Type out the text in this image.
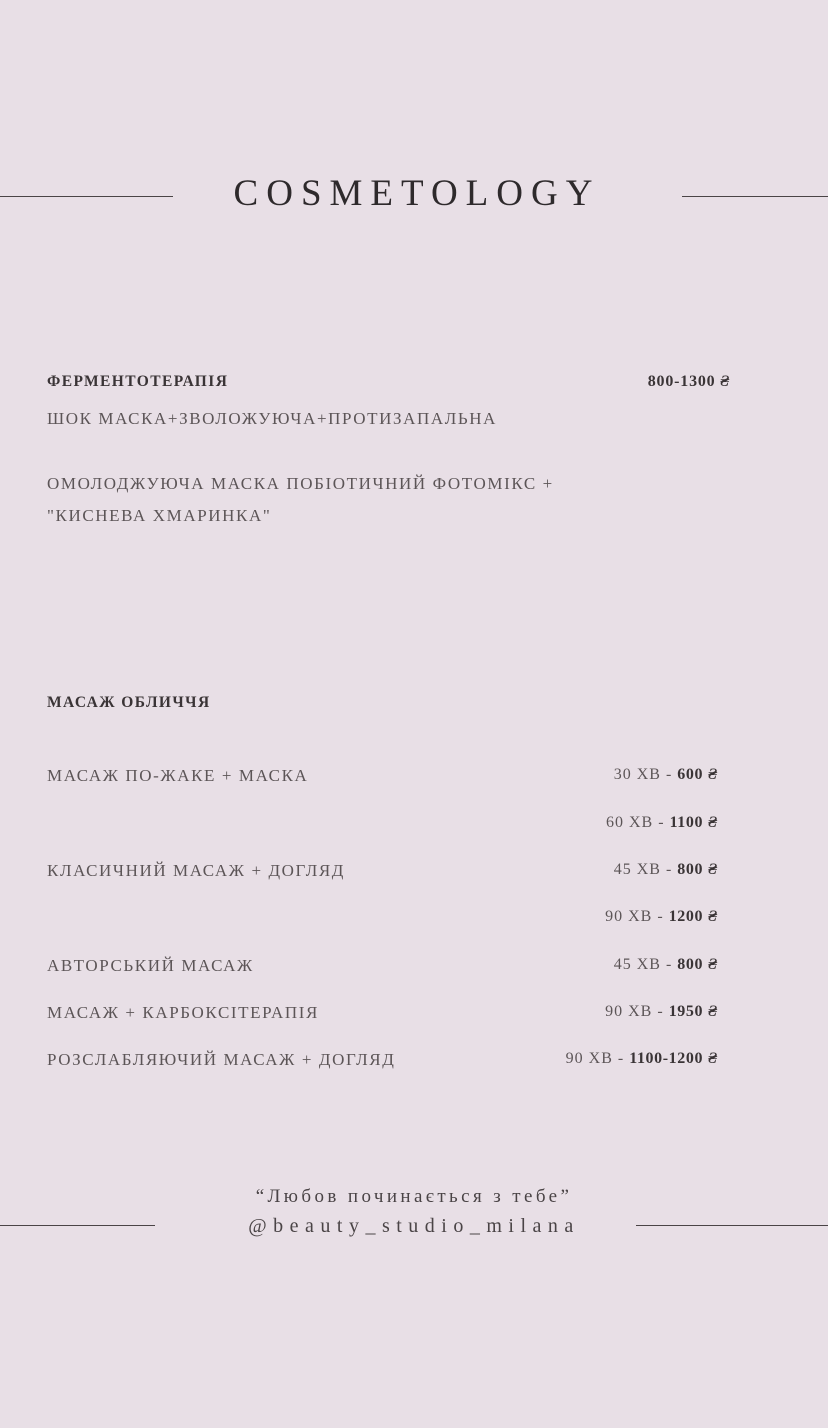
COSMETOLOGY
ФЕРМЕНТОТЕРАПІЯ	800-1300 ₴
ШОК МАСКА+ЗВОЛОЖУЮЧА+ПРОТИЗАПАЛЬНА
ОМОЛОДЖУЮЧА МАСКА ПОБІОТИЧНИЙ ФОТОМІКС +
"КИСНЕВА ХМАРИНКА"
МАСАЖ ОБЛИЧЧЯ
МАСАЖ ПО-ЖАКЕ + МАСКА	30 ХВ - 600 ₴
60 ХВ - 1100 ₴
КЛАСИЧНИЙ МАСАЖ + ДОГЛЯД	45 ХВ - 800 ₴
90 ХВ - 1200 ₴
АВТОРСЬКИЙ МАСАЖ	45 ХВ - 800 ₴
МАСАЖ + КАРБОКСІТЕРАПІЯ	90 ХВ - 1950 ₴
РОЗСЛАБЛЯЮЧИЙ МАСАЖ + ДОГЛЯД	90 ХВ - 1100-1200 ₴
“Любов починається з тебе”
@beauty_studio_milana
